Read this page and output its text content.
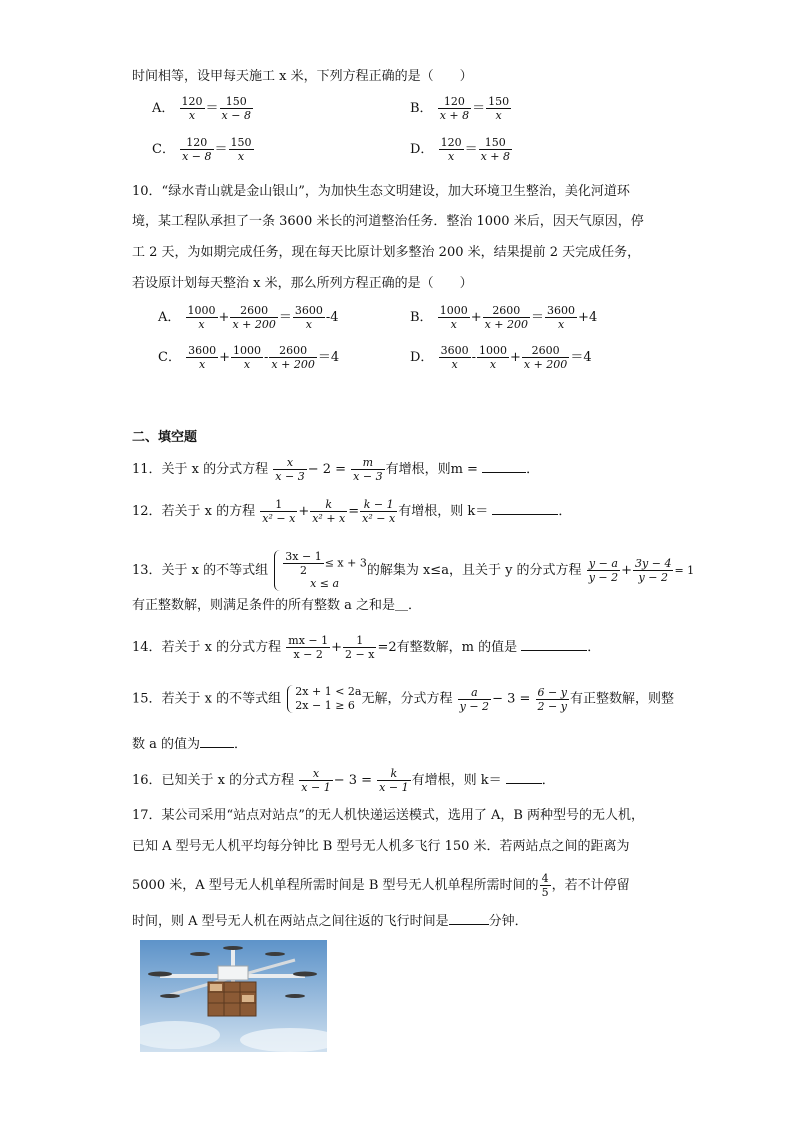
时间相等，设甲每天施工 x 米，下列方程正确的是（　　）
A． $\frac{120}{x} = \frac{150}{x - 8}$	B． $\frac{120}{x + 8} = \frac{150}{x}$
C． $\frac{120}{x - 8} = \frac{150}{x}$	D． $\frac{120}{x} = \frac{150}{x + 8}$
10．“绿水青山就是金山银山”，为加快生态文明建设，加大环境卫生整治，美化河道环
境，某工程队承担了一条 3600 米长的河道整治任务．整治 1000 米后，因天气原因，停
工 2 天，为如期完成任务，现在每天比原计划多整治 200 米，结果提前 2 天完成任务，
若设原计划每天整治 x 米，那么所列方程正确的是（　　）
A． $\frac{1000}{x} + \frac{2600}{x + 200} = \frac{3600}{x} -4$	B． $\frac{1000}{x} + \frac{2600}{x + 200} = \frac{3600}{x} +4$
C． $\frac{3600}{x} + \frac{1000}{x} - \frac{2600}{x + 200} =4$	D． $\frac{3600}{x} - \frac{1000}{x} + \frac{2600}{x + 200} =4$
二、填空题
11．关于 x 的分式方程 $\frac{x}{x - 3} - 2 = \frac{m}{x - 3}$ 有增根，则m =	．
12．若关于 x 的方程 $\frac{1}{\text{x² − x}} + \frac{k}{\text{x² + x}} = \frac{k - 1}{\text{x² − x}}$ 有增根，则 k＝	．
13．关于 x 的不等式组 $\frac{3x - 1}{2} \le x + 3$
x ≤ a
的解集为 x≤a，且关于 y 的分式方程 $\frac{y - a}{y - 2} + \frac{3y - 4}{y - 2} = 1$
有正整数解，则满足条件的所有整数 a 之和是＿．
14．若关于 x 的分式方程 $\frac{mx - 1}{x - 2} + \frac{1}{2 - x} =2$有整数解，m 的值是	．
15．若关于 x 的不等式组 2x + 1 < 2a
2x − 1 ≥ 6 无解，分式方程 $\frac{a}{y - 2} - 3 = \frac{6 - y}{2 - y}$ 有正整数解，则整
数 a 的值为	．
16．已知关于 x 的分式方程 $\frac{x}{x - 1} - 3 = \frac{k}{x - 1}$ 有增根，则 k＝	．
17．某公司采用“站点对站点”的无人机快递运送模式，选用了 A，B 两种型号的无人机，
已知 A 型号无人机平均每分钟比 B 型号无人机多飞行 150 米．若两站点之间的距离为
5000 米，A 型号无人机单程所需时间是 B 型号无人机单程所需时间的 $\frac{4}{5}$ ，若不计停留
时间，则 A 型号无人机在两站点之间往返的飞行时间是	分钟．
